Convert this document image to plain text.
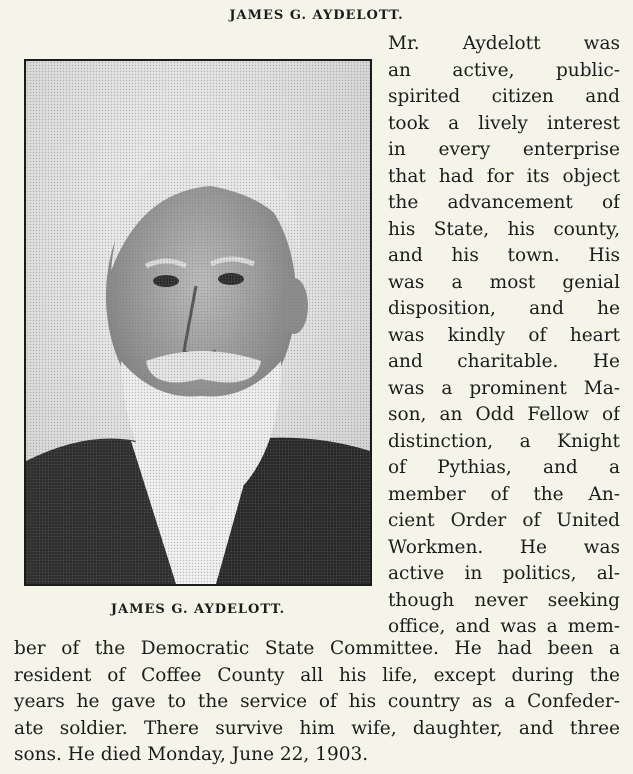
JAMES G. AYDELOTT.
JAMES G. AYDELOTT.
Mr. Aydelott was
an active, public-
spirited citizen and
took a lively interest
in every enterprise
that had for its object
the advancement of
his State, his county,
and his town. His
was a most genial
disposition, and he
was kindly of heart
and charitable. He
was a prominent Ma-
son, an Odd Fellow of
distinction, a Knight
of Pythias, and a
member of the An-
cient Order of United
Workmen. He was
active in politics, al-
though never seeking
office, and was a mem-
ber of the Democratic State Committee. He had been a
resident of Coffee County all his life, except during the
years he gave to the service of his country as a Confeder-
ate soldier. There survive him wife, daughter, and three
sons. He died Monday, June 22, 1903.
